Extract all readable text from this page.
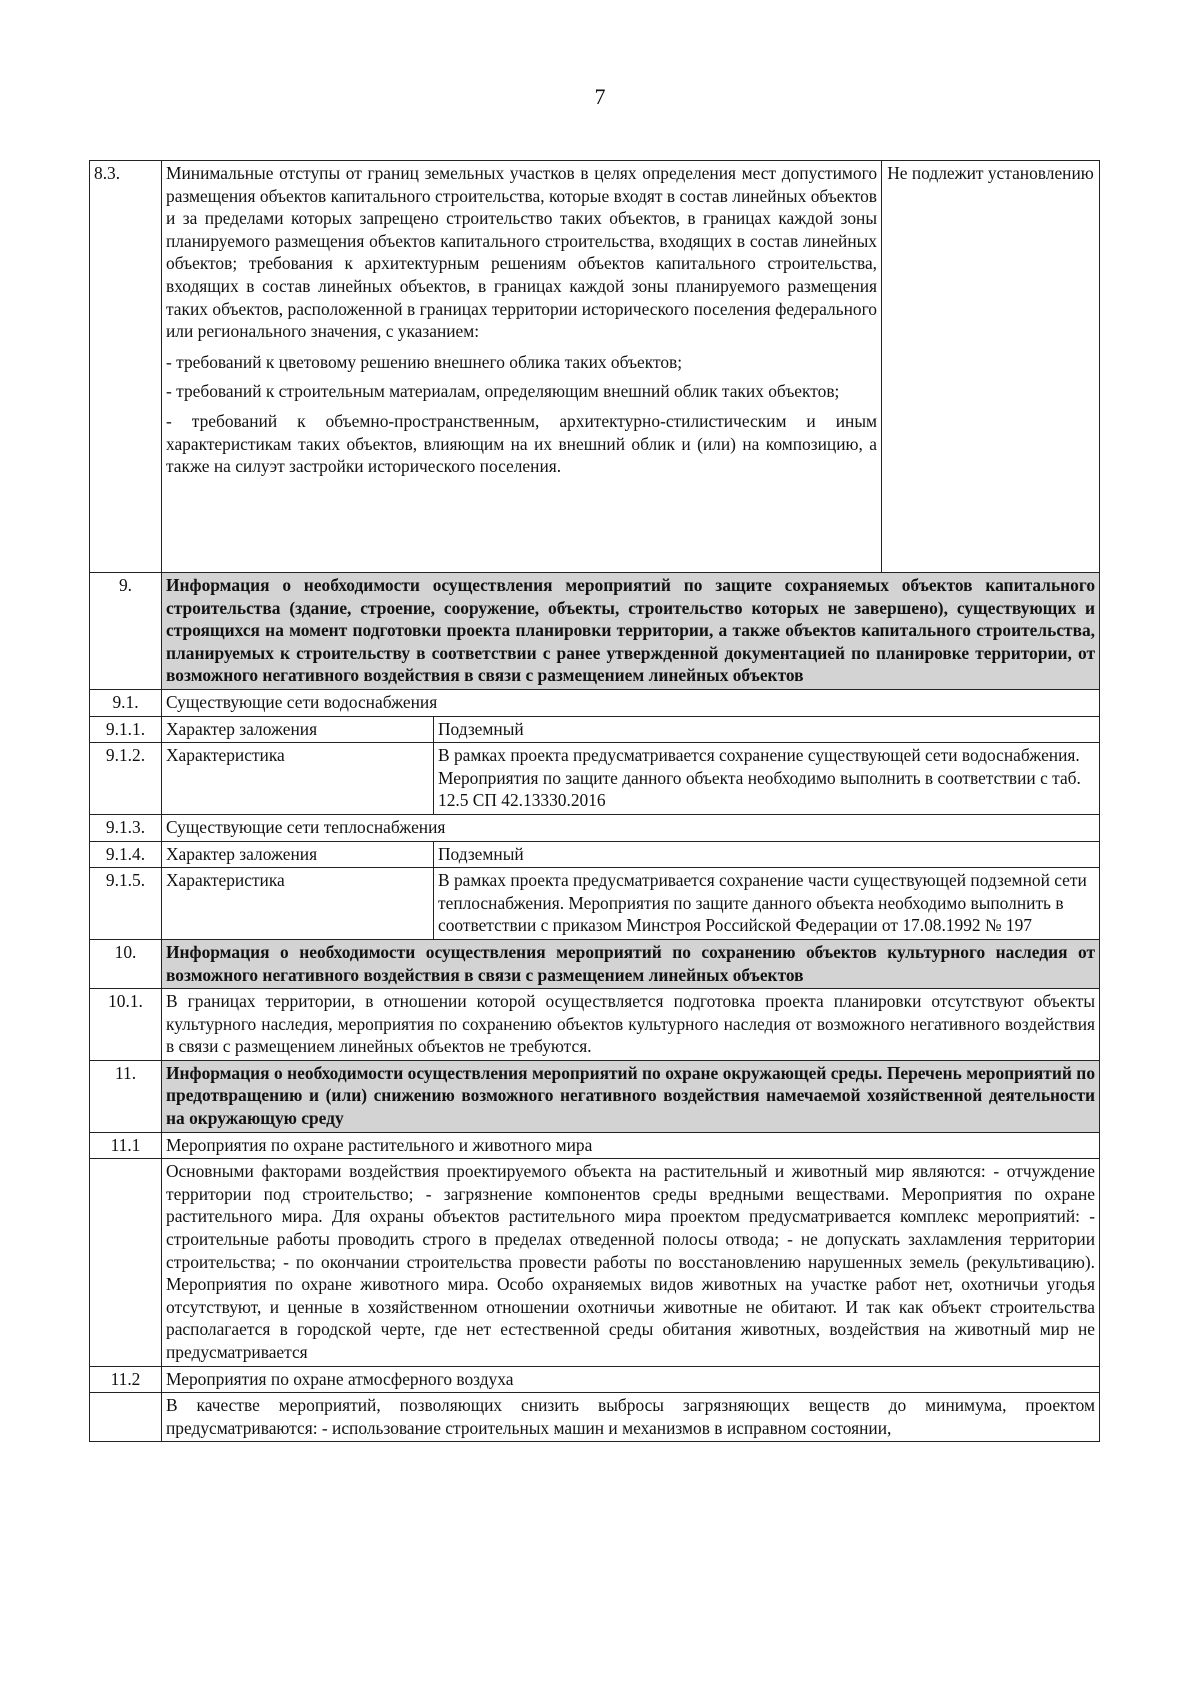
7
8.3.	Минимальные отступы от границ земельных участков в целях определения мест допустимого размещения объектов капитального строительства, которые входят в состав линейных объектов и за пределами которых запрещено строительство таких объектов, в границах каждой зоны планируемого размещения объектов капитального строительства, входящих в состав линейных объектов; требования к архитектурным решениям объектов капитального строительства, входящих в состав линейных объектов, в границах каждой зоны планируемого размещения таких объектов, расположенной в границах территории исторического поселения федерального или регионального значения, с указанием:

- требований к цветовому решению внешнего облика таких объектов;

- требований к строительным материалам, определяющим внешний облик таких объектов;

- требований к объемно-пространственным, архитектурно-стилистическим и иным характеристикам таких объектов, влияющим на их внешний облик и (или) на композицию, а также на силуэт застройки исторического поселения.		Не подлежит установлению
9.	Информация о необходимости осуществления мероприятий по защите сохраняемых объектов капитального строительства (здание, строение, сооружение, объекты, строительство которых не завершено), существующих и строящихся на момент подготовки проекта планировки территории, а также объектов капитального строительства, планируемых к строительству в соответствии с ранее утвержденной документацией по планировке территории, от возможного негативного воздействия в связи с размещением линейных объектов		
9.1.	Существующие сети водоснабжения		
9.1.1.	Характер заложения	Подземный	
9.1.2.	Характеристика	В рамках проекта предусматривается сохранение существующей сети водоснабжения. Мероприятия по защите данного объекта необходимо выполнить в соответствии с таб. 12.5 СП 42.13330.2016	
9.1.3.	Существующие сети теплоснабжения		
9.1.4.	Характер заложения	Подземный	
9.1.5.	Характеристика	В рамках проекта предусматривается сохранение части существующей подземной сети теплоснабжения. Мероприятия по защите данного объекта необходимо выполнить в соответствии с приказом Минстроя Российской Федерации от 17.08.1992 № 197	
10.	Информация о необходимости осуществления мероприятий по сохранению объектов культурного наследия от возможного негативного воздействия в связи с размещением линейных объектов		
10.1.	В границах территории, в отношении которой осуществляется подготовка проекта планировки отсутствуют объекты культурного наследия, мероприятия по сохранению объектов культурного наследия от возможного негативного воздействия в связи с размещением линейных объектов не требуются.		
11.	Информация о необходимости осуществления мероприятий по охране окружающей среды. Перечень мероприятий по предотвращению и (или) снижению возможного негативного воздействия намечаемой хозяйственной деятельности на окружающую среду		
11.1	Мероприятия по охране растительного и животного мира		
	Основными факторами воздействия проектируемого объекта на растительный и животный мир являются: - отчуждение территории под строительство; - загрязнение компонентов среды вредными веществами. Мероприятия по охране растительного мира. Для охраны объектов растительного мира проектом предусматривается комплекс мероприятий: - строительные работы проводить строго в пределах отведенной полосы отвода; - не допускать захламления территории строительства; - по окончании строительства провести работы по восстановлению нарушенных земель (рекультивацию). Мероприятия по охране животного мира. Особо охраняемых видов животных на участке работ нет, охотничьи угодья отсутствуют, и ценные в хозяйственном отношении охотничьи животные не обитают. И так как объект строительства располагается в городской черте, где нет естественной среды обитания животных, воздействия на животный мир не предусматривается		
11.2	Мероприятия по охране атмосферного воздуха		
	В качестве мероприятий, позволяющих снизить выбросы загрязняющих веществ до минимума, проектом предусматриваются: - использование строительных машин и механизмов в исправном состоянии,		
